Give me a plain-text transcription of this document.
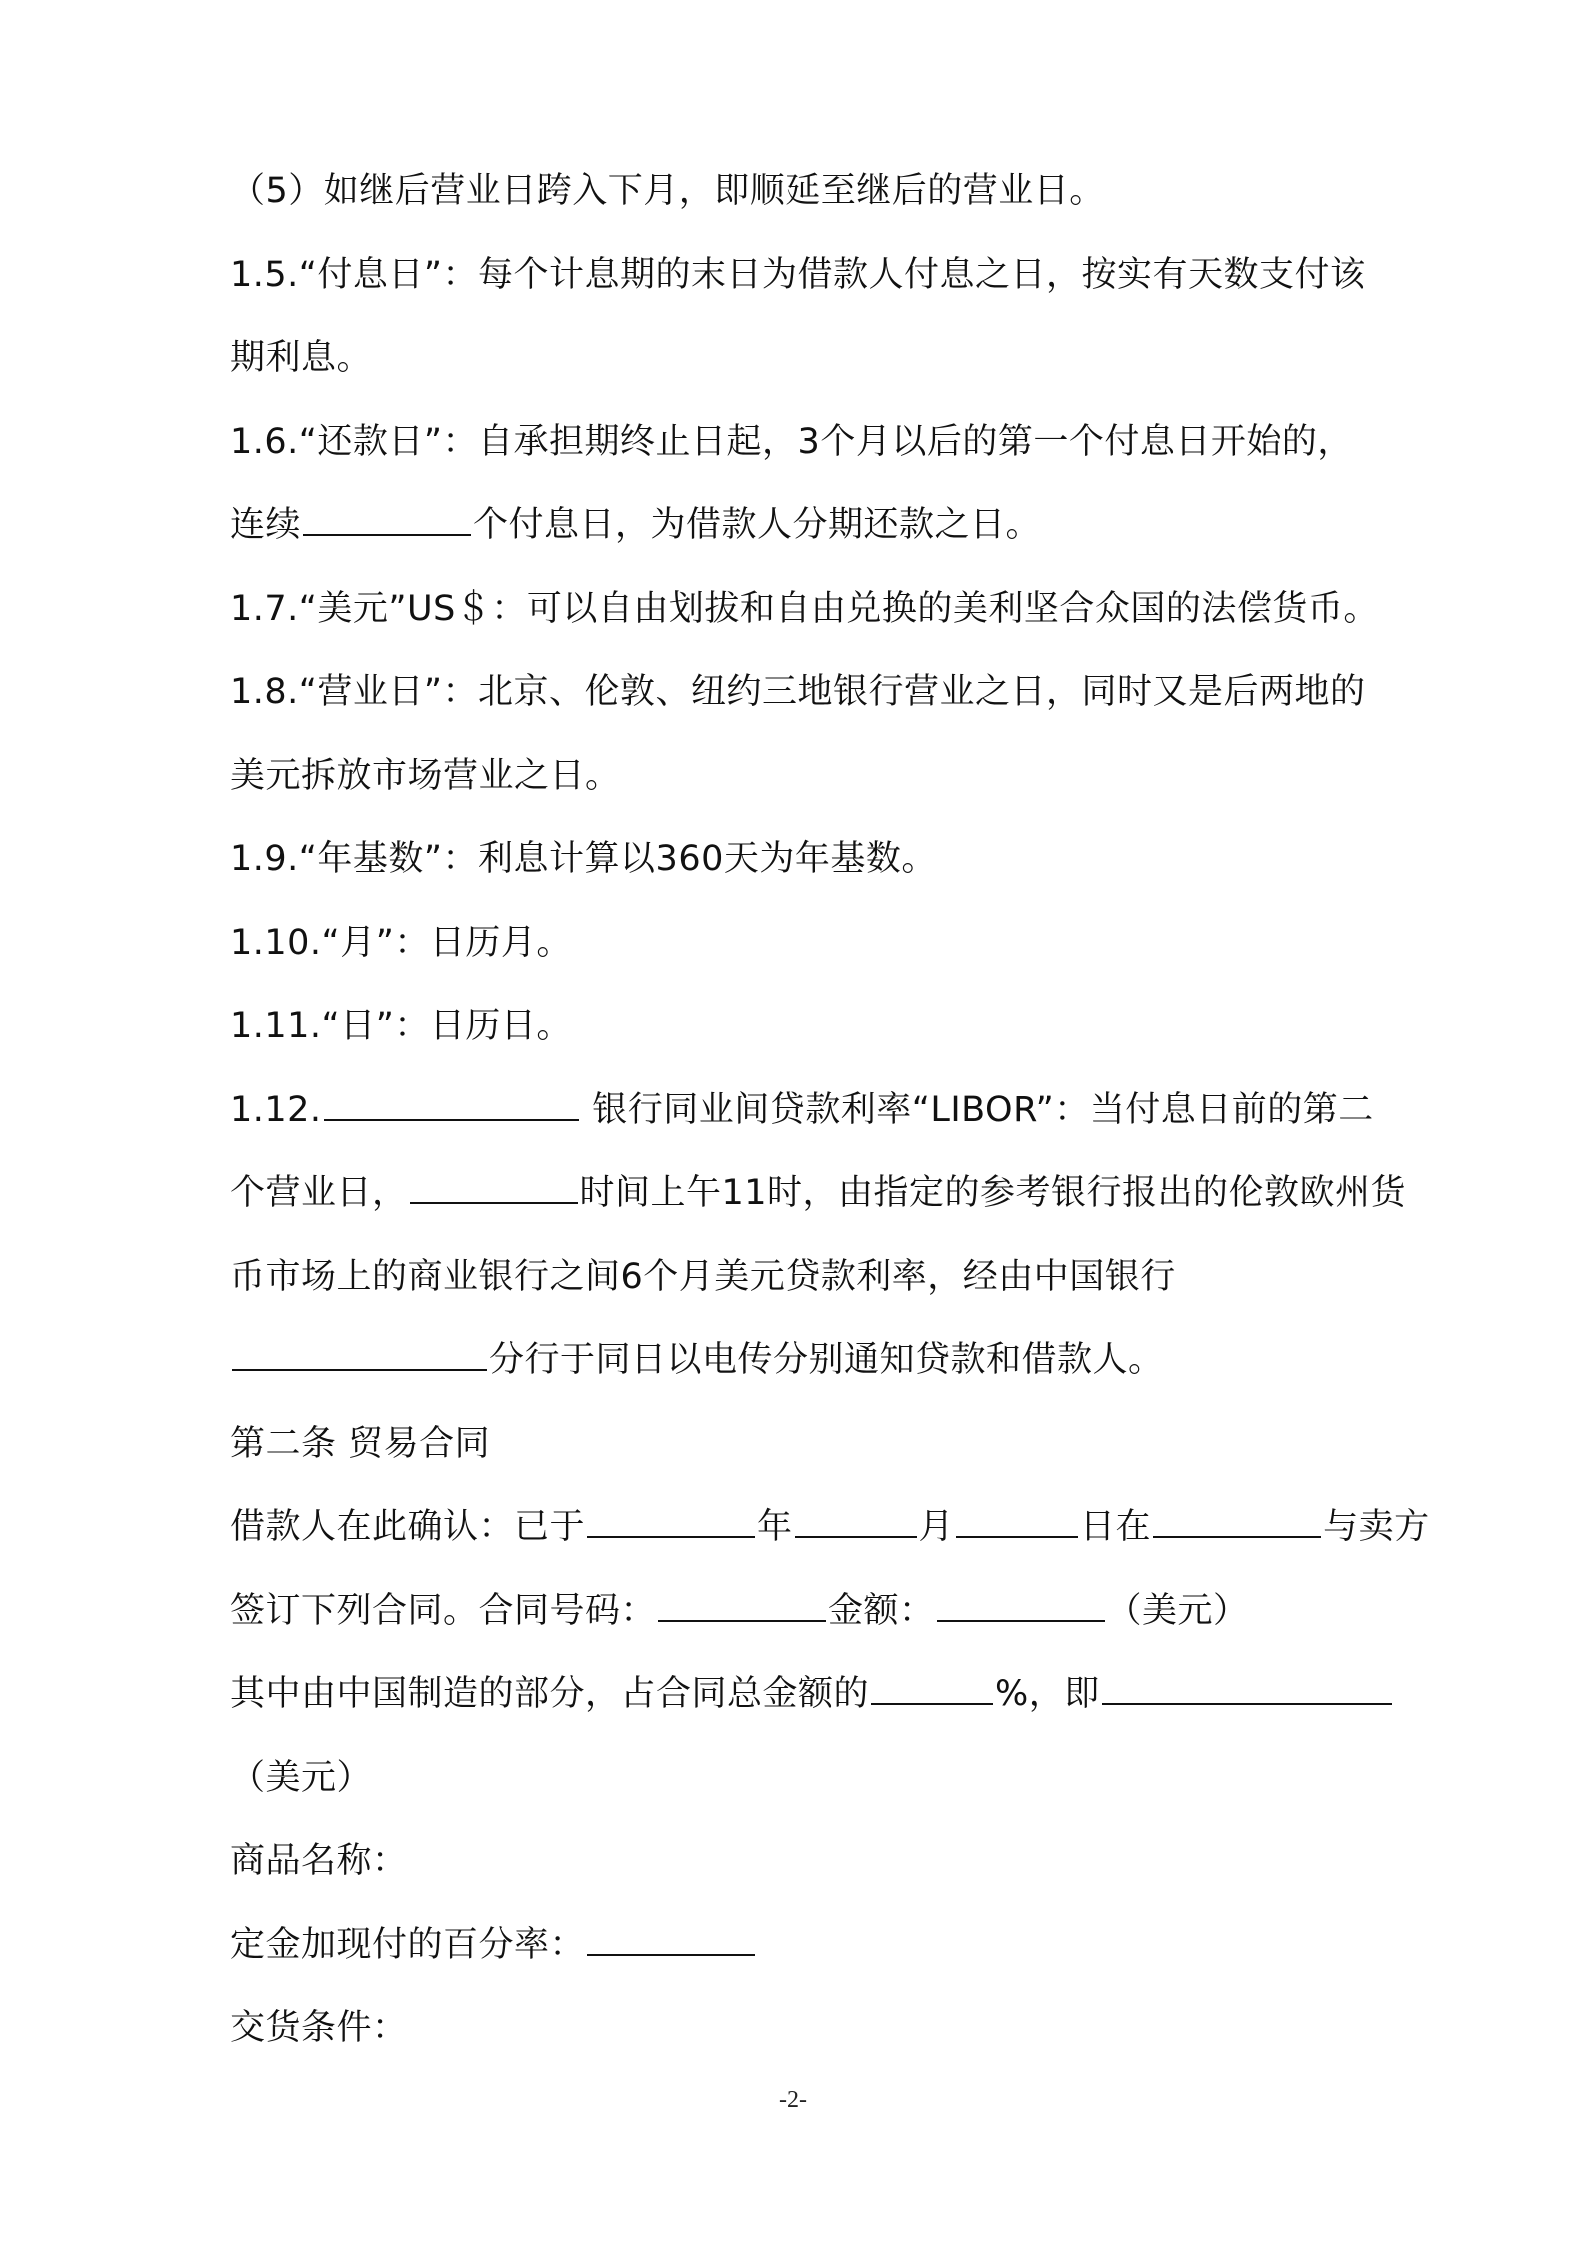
（5）如继后营业日跨入下月，即顺延至继后的营业日。
1.5.“付息日”：每个计息期的末日为借款人付息之日，按实有天数支付该
期利息。
1.6.“还款日”：自承担期终止日起，3个月以后的第一个付息日开始的，
连续	个付息日，为借款人分期还款之日。
1.7.“美元”US＄：可以自由划拔和自由兑换的美利坚合众国的法偿货币。
1.8.“营业日”：北京、伦敦、纽约三地银行营业之日，同时又是后两地的
美元拆放市场营业之日。
1.9.“年基数”：利息计算以360天为年基数。
1.10.“月”：日历月。
1.11.“日”：日历日。
1.12.	银行同业间贷款利率“LIBOR”：当付息日前的第二
个营业日，	时间上午11时，由指定的参考银行报出的伦敦欧州货
币市场上的商业银行之间6个月美元贷款利率，经由中国银行
分行于同日以电传分别通知贷款和借款人。
第二条 贸易合同
借款人在此确认：已于	年	月	日在	与卖方
签订下列合同。合同号码：	金额：	（美元）
其中由中国制造的部分，占合同总金额的	%，即
（美元）
商品名称：
定金加现付的百分率：
交货条件：
-2-
